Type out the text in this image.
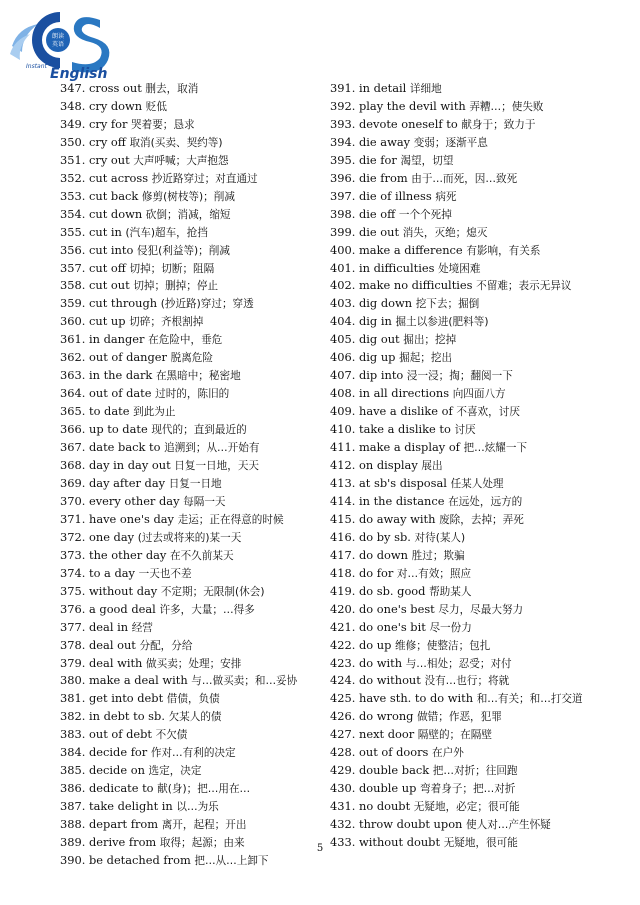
朗读
英语
Instant English
347. cross out 删去，取消
348. cry down 贬低
349. cry for 哭着要；恳求
350. cry off 取消(买卖、契约等)
351. cry out 大声呼喊；大声抱怨
352. cut across 抄近路穿过；对直通过
353. cut back 修剪(树枝等)；削减
354. cut down 砍倒；消减，缩短
355. cut in (汽车)超车，抢挡
356. cut into 侵犯(利益等)；削减
357. cut off 切掉；切断；阻隔
358. cut out 切掉；删掉；停止
359. cut through (抄近路)穿过；穿透
360. cut up 切碎；齐根割掉
361. in danger 在危险中，垂危
362. out of danger 脱离危险
363. in the dark 在黑暗中；秘密地
364. out of date 过时的，陈旧的
365. to date 到此为止
366. up to date 现代的；直到最近的
367. date back to 追溯到；从…开始有
368. day in day out 日复一日地，天天
369. day after day 日复一日地
370. every other day 每隔一天
371. have one's day 走运；正在得意的时候
372. one day (过去或将来的)某一天
373. the other day 在不久前某天
374. to a day 一天也不差
375. without day 不定期；无限制(休会)
376. a good deal 许多，大量；…得多
377. deal in 经营
378. deal out 分配，分给
379. deal with 做买卖；处理；安排
380. make a deal with 与…做买卖；和…妥协
381. get into debt 借债，负债
382. in debt to sb. 欠某人的债
383. out of debt 不欠债
384. decide for 作对…有利的决定
385. decide on 选定，决定
386. dedicate to 献(身)；把…用在…
387. take delight in 以…为乐
388. depart from 离开，起程；开出
389. derive from 取得；起源；由来
390. be detached from 把…从…上卸下
391. in detail 详细地
392. play the devil with 弄糟…；使失败
393. devote oneself to 献身于；致力于
394. die away 变弱；逐渐平息
395. die for 渴望，切望
396. die from 由于…而死，因…致死
397. die of illness 病死
398. die off 一个个死掉
399. die out 消失，灭绝；熄灭
400. make a difference 有影响，有关系
401. in difficulties 处境困难
402. make no difficulties 不留难；表示无异议
403. dig down 挖下去；掘倒
404. dig in 掘土以参进(肥料等)
405. dig out 掘出；挖掉
406. dig up 掘起；挖出
407. dip into 浸一浸；掏；翻阅一下
408. in all directions 向四面八方
409. have a dislike of 不喜欢，讨厌
410. take a dislike to 讨厌
411. make a display of 把…炫耀一下
412. on display 展出
413. at sb's disposal 任某人处理
414. in the distance 在远处，远方的
415. do away with 废除，去掉；弄死
416. do by sb. 对待(某人)
417. do down 胜过；欺骗
418. do for 对…有效；照应
419. do sb. good 帮助某人
420. do one's best 尽力，尽最大努力
421. do one's bit 尽一份力
422. do up 维修；使整洁；包扎
423. do with 与…相处；忍受；对付
424. do without 没有…也行；将就
425. have sth. to do with 和…有关；和…打交道
426. do wrong 做错；作恶，犯罪
427. next door 隔壁的；在隔壁
428. out of doors 在户外
429. double back 把…对折；往回跑
430. double up 弯着身子；把…对折
431. no doubt 无疑地，必定；很可能
432. throw doubt upon 使人对…产生怀疑
433. without doubt 无疑地，很可能
5
